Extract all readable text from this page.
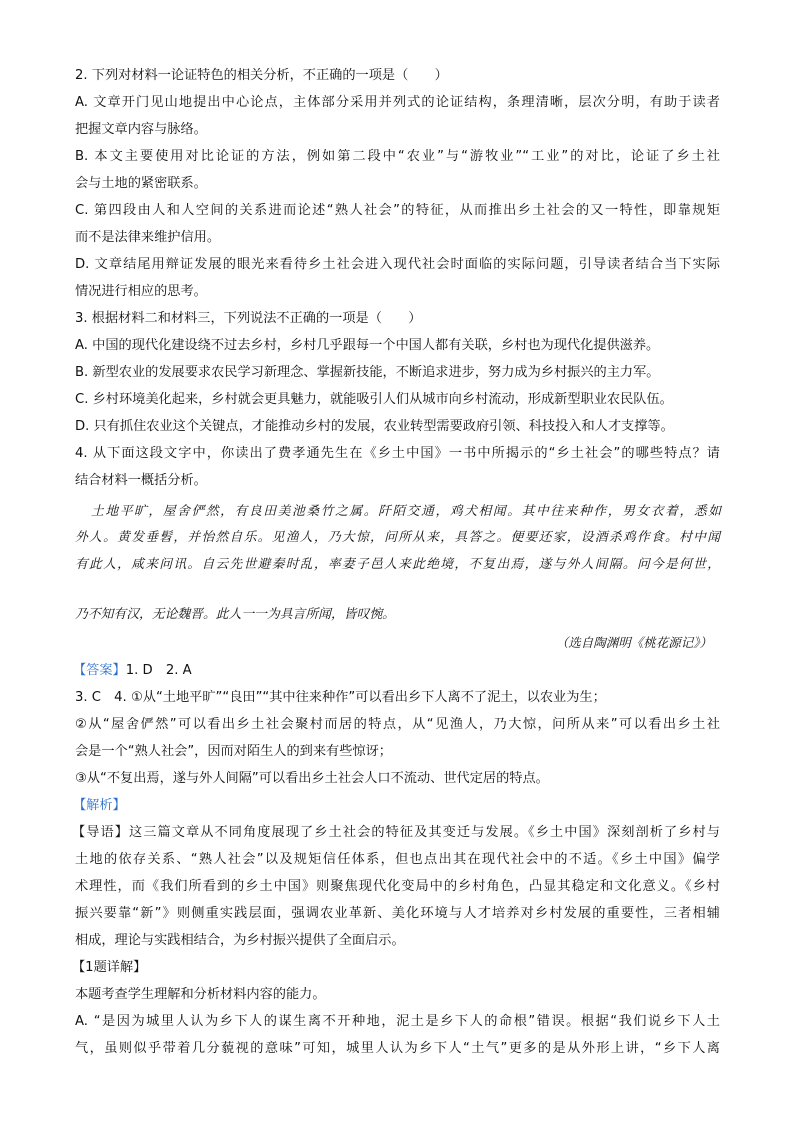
2. 下列对材料一论证特色的相关分析，不正确的一项是（　　）
A. 文章开门见山地提出中心论点，主体部分采用并列式的论证结构，条理清晰，层次分明，有助于读者
把握文章内容与脉络。
B. 本文主要使用对比论证的方法，例如第二段中“农业”与“游牧业”“工业”的对比，论证了乡土社
会与土地的紧密联系。
C. 第四段由人和人空间的关系进而论述“熟人社会”的特征，从而推出乡土社会的又一特性，即靠规矩
而不是法律来维护信用。
D. 文章结尾用辩证发展的眼光来看待乡土社会进入现代社会时面临的实际问题，引导读者结合当下实际
情况进行相应的思考。
3. 根据材料二和材料三，下列说法不正确的一项是（　　）
A. 中国的现代化建设绕不过去乡村，乡村几乎跟每一个中国人都有关联，乡村也为现代化提供滋养。
B. 新型农业的发展要求农民学习新理念、掌握新技能，不断追求进步，努力成为乡村振兴的主力军。
C. 乡村环境美化起来，乡村就会更具魅力，就能吸引人们从城市向乡村流动，形成新型职业农民队伍。
D. 只有抓住农业这个关键点，才能推动乡村的发展，农业转型需要政府引领、科技投入和人才支撑等。
4. 从下面这段文字中，你读出了费孝通先生在《乡土中国》一书中所揭示的“乡土社会”的哪些特点？请
结合材料一概括分析。
土地平旷，屋舍俨然，有良田美池桑竹之属。阡陌交通，鸡犬相闻。其中往来种作，男女衣着，悉如
外人。黄发垂髫，并怡然自乐。见渔人，乃大惊，问所从来，具答之。便要还家，设酒杀鸡作食。村中闻
有此人，咸来问讯。自云先世避秦时乱，率妻子邑人来此绝境，不复出焉，遂与外人间隔。问今是何世，
乃不知有汉，无论魏晋。此人一一为具言所闻，皆叹惋。
（选自陶渊明《桃花源记》）
【答案】1. D　2. A
3. C　4. ①从“土地平旷”“良田”“其中往来种作”可以看出乡下人离不了泥土，以农业为生；
②从“屋舍俨然”可以看出乡土社会聚村而居的特点，从“见渔人，乃大惊，问所从来”可以看出乡土社
会是一个“熟人社会”，因而对陌生人的到来有些惊讶；
③从“不复出焉，遂与外人间隔”可以看出乡土社会人口不流动、世代定居的特点。
【解析】
【导语】这三篇文章从不同角度展现了乡土社会的特征及其变迁与发展。《乡土中国》深刻剖析了乡村与
土地的依存关系、“熟人社会”以及规矩信任体系，但也点出其在现代社会中的不适。《乡土中国》偏学
术理性，而《我们所看到的乡土中国》则聚焦现代化变局中的乡村角色，凸显其稳定和文化意义。《乡村
振兴要靠“新”》则侧重实践层面，强调农业革新、美化环境与人才培养对乡村发展的重要性，三者相辅
相成，理论与实践相结合，为乡村振兴提供了全面启示。
【1题详解】
本题考查学生理解和分析材料内容的能力。
A. “是因为城里人认为乡下人的谋生离不开种地，泥土是乡下人的命根”错误。根据“我们说乡下人土
气，虽则似乎带着几分藐视的意味”可知，城里人认为乡下人“土气”更多的是从外形上讲，“乡下人离
